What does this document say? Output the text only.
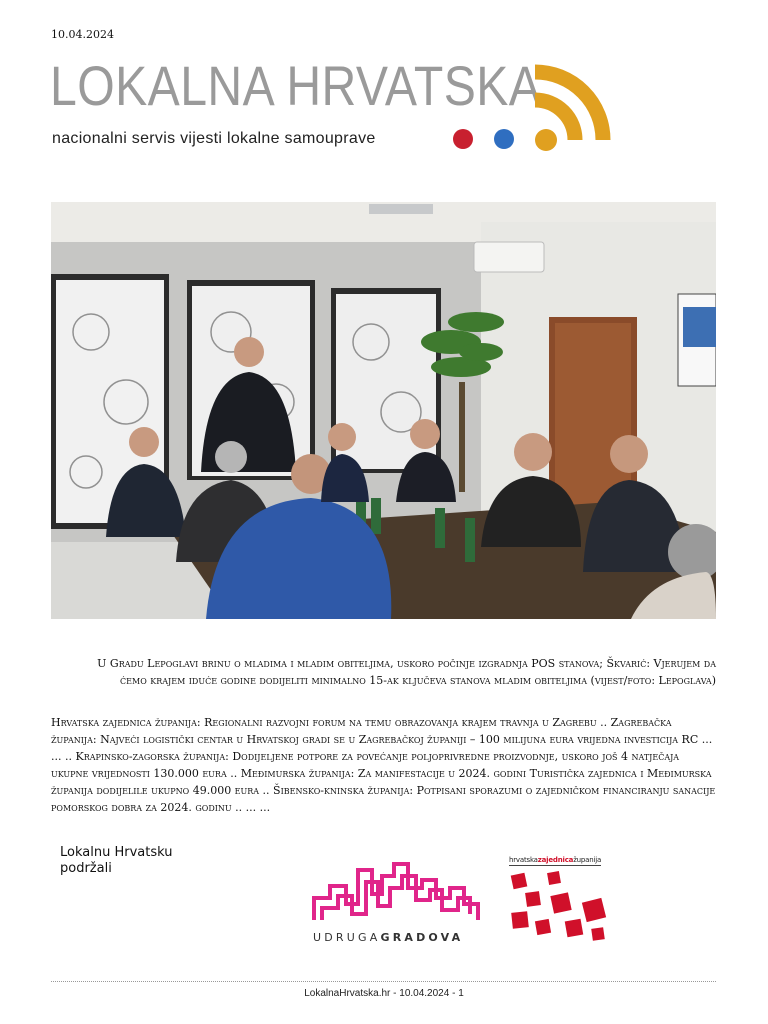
10.04.2024
LOKALNA HRVATSKA
nacionalni servis vijesti lokalne samouprave
U Gradu Lepoglavi brinu o mladima i mladim obiteljima, uskoro počinje izgradnja POS stanova; Škvarić: Vjerujem da ćemo krajem iduće godine dodijeliti minimalno 15-ak ključeva stanova mladim obiteljima (vijest/foto: Lepoglava)
Hrvatska zajednica županija: Regionalni razvojni forum na temu obrazovanja krajem travnja u Zagrebu .. Zagrebačka županija: Najveći logistički centar u Hrvatskoj gradi se u Zagrebačkoj županiji – 100 milijuna eura vrijedna investicija RC ... ... .. Krapinsko-zagorska županija: Dodijeljene potpore za povećanje poljoprivredne proizvodnje, uskoro još 4 natječaja ukupne vrijednosti 130.000 eura .. Međimurska županija: Za manifestacije u 2024. godini Turistička zajednica i Međimurska županija dodijelile ukupno 49.000 eura .. Šibensko-kninska županija: Potpisani sporazumi o zajedničkom financiranju sanacije pomorskog dobra za 2024. godinu .. ... ...
Lokalnu Hrvatsku podržali
UDRUGAGRADOVA
hrvatskazajednicažupanija
LokalnaHrvatska.hr - 10.04.2024 - 1
